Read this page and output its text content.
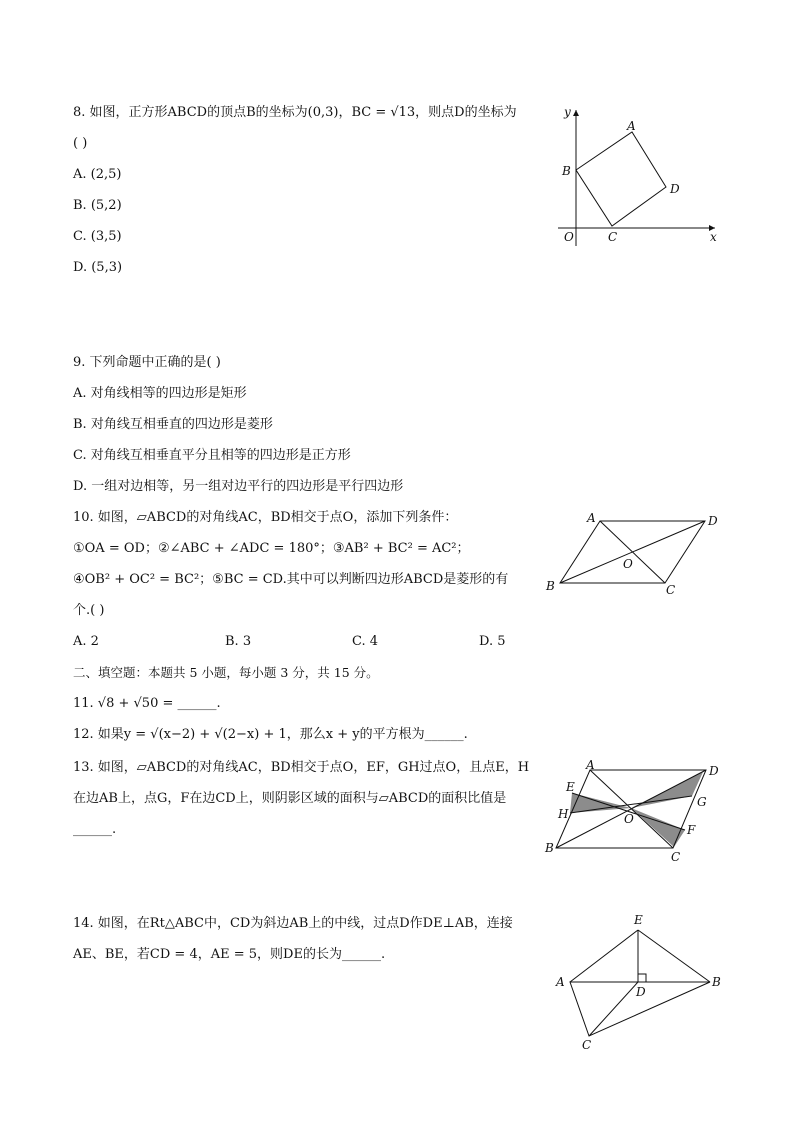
8. 如图，正方形ABCD的顶点B的坐标为(0,3)，BC = √13，则点D的坐标为
( )
A. (2,5)
B. (5,2)
C. (3,5)
D. (5,3)
y
A
B
D
O	C	x
9. 下列命题中正确的是( )
A. 对角线相等的四边形是矩形
B. 对角线互相垂直的四边形是菱形
C. 对角线互相垂直平分且相等的四边形是正方形
D. 一组对边相等，另一组对边平行的四边形是平行四边形
10. 如图，▱ABCD的对角线AC，BD相交于点O，添加下列条件：
①OA = OD；②∠ABC + ∠ADC = 180°；③AB² + BC² = AC²；
④OB² + OC² = BC²；⑤BC = CD.其中可以判断四边形ABCD是菱形的有
个.( )
A. 2	B. 3	C. 4	D. 5
A	D
O
B	C
二、填空题：本题共 5 小题，每小题 3 分，共 15 分。
11. √8 + √50 = ______.
12. 如果y = √(x−2) + √(2−x) + 1，那么x + y的平方根为______.
13. 如图，▱ABCD的对角线AC，BD相交于点O，EF，GH过点O，且点E，H
在边AB上，点G，F在边CD上，则阴影区域的面积与▱ABCD的面积比值是
______.
A	D
E
G
H	O
F
B
C
14. 如图，在Rt△ABC中，CD为斜边AB上的中线，过点D作DE⊥AB，连接
AE、BE，若CD = 4，AE = 5，则DE的长为______.
E
A
D
B
C
